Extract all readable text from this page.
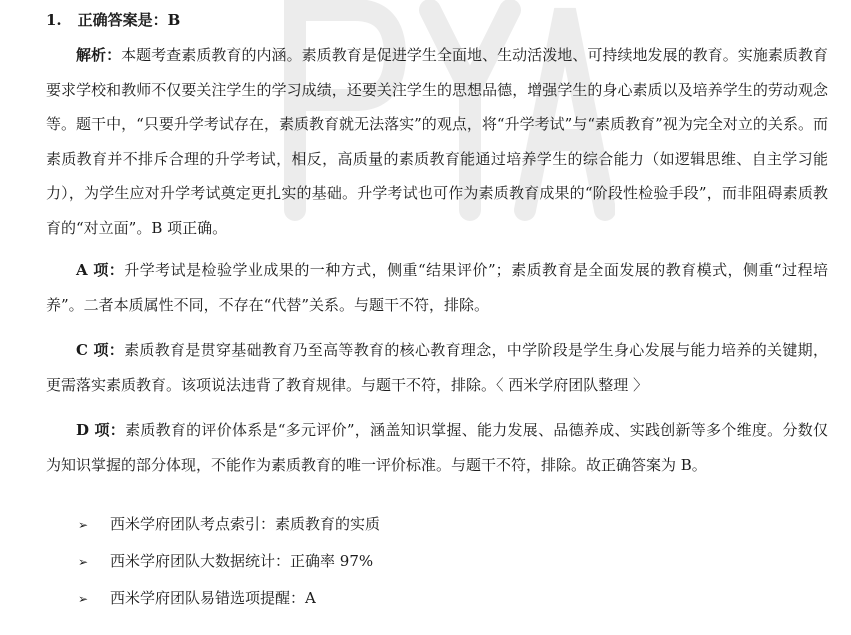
1. 正确答案是：B

解析：本题考查素质教育的内涵。素质教育是促进学生全面地、生动活泼地、可持续地发展的教育。实施素质教育要求学校和教师不仅要关注学生的学习成绩，还要关注学生的思想品德，增强学生的身心素质以及培养学生的劳动观念等。题干中，“只要升学考试存在，素质教育就无法落实”的观点，将“升学考试”与“素质教育”视为完全对立的关系。而素质教育并不排斥合理的升学考试，相反，高质量的素质教育能通过培养学生的综合能力（如逻辑思维、自主学习能力），为学生应对升学考试奠定更扎实的基础。升学考试也可作为素质教育成果的“阶段性检验手段”，而非阻碍素质教育的“对立面”。B 项正确。

A 项：升学考试是检验学业成果的一种方式，侧重“结果评价”；素质教育是全面发展的教育模式，侧重“过程培养”。二者本质属性不同，不存在“代替”关系。与题干不符，排除。

C 项：素质教育是贯穿基础教育乃至高等教育的核心教育理念，中学阶段是学生身心发展与能力培养的关键期，更需落实素质教育。该项说法违背了教育规律。与题干不符，排除。〈 西米学府团队整理 〉

D 项：素质教育的评价体系是“多元评价”，涵盖知识掌握、能力发展、品德养成、实践创新等多个维度。分数仅为知识掌握的部分体现，不能作为素质教育的唯一评价标准。与题干不符，排除。故正确答案为 B。

➢ 西米学府团队考点索引：素质教育的实质
➢ 西米学府团队大数据统计：正确率 97%
➢ 西米学府团队易错选项提醒：A
